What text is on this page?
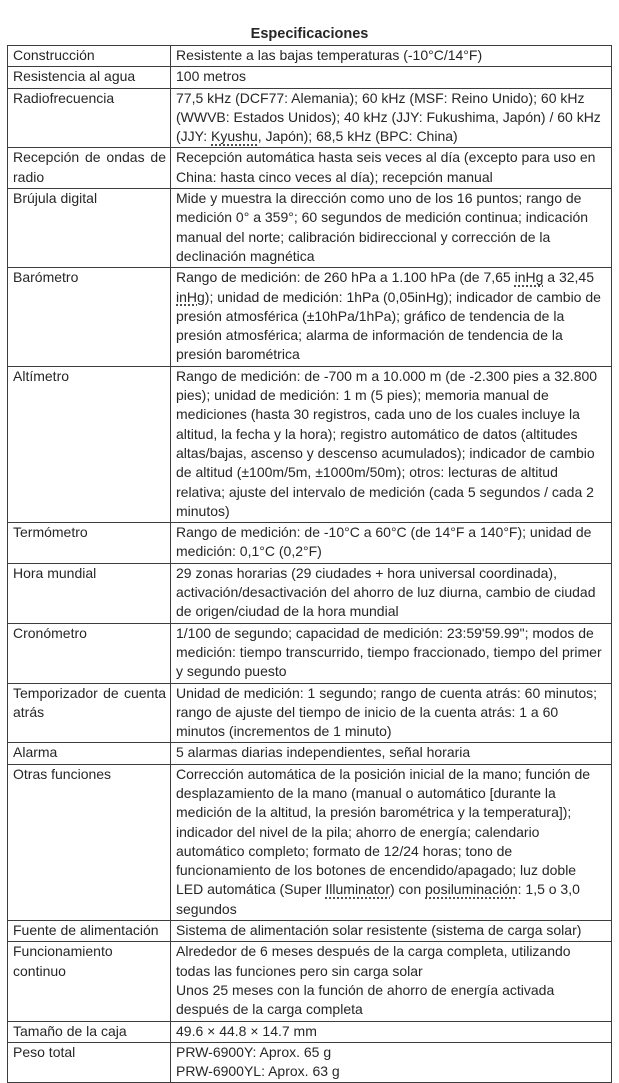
Especificaciones
Construcción	Resistente a las bajas temperaturas (-10°C/14°F)

Resistencia al agua	100 metros

Radiofrecuencia	77,5 kHz (DCF77: Alemania); 60 kHz (MSF: Reino Unido); 60 kHz (WWVB: Estados Unidos); 40 kHz (JJY: Fukushima, Japón) / 60 kHz (JJY: Kyushu, Japón); 68,5 kHz (BPC: China)

Recepción de ondas de radio	Recepción automática hasta seis veces al día (excepto para uso en China: hasta cinco veces al día); recepción manual

Brújula digital	Mide y muestra la dirección como uno de los 16 puntos; rango de medición 0° a 359°; 60 segundos de medición continua; indicación manual del norte; calibración bidireccional y corrección de la declinación magnética

Barómetro	Rango de medición: de 260 hPa a 1.100 hPa (de 7,65 inHg a 32,45 inHg); unidad de medición: 1hPa (0,05inHg); indicador de cambio de presión atmosférica (±10hPa/1hPa); gráfico de tendencia de la presión atmosférica; alarma de información de tendencia de la presión barométrica

Altímetro	Rango de medición: de -700 m a 10.000 m (de -2.300 pies a 32.800 pies); unidad de medición: 1 m (5 pies); memoria manual de mediciones (hasta 30 registros, cada uno de los cuales incluye la altitud, la fecha y la hora); registro automático de datos (altitudes altas/bajas, ascenso y descenso acumulados); indicador de cambio de altitud (±100m/5m, ±1000m/50m); otros: lecturas de altitud relativa; ajuste del intervalo de medición (cada 5 segundos / cada 2 minutos)

Termómetro	Rango de medición: de -10°C a 60°C (de 14°F a 140°F); unidad de medición: 0,1°C (0,2°F)

Hora mundial	29 zonas horarias (29 ciudades + hora universal coordinada), activación/desactivación del ahorro de luz diurna, cambio de ciudad de origen/ciudad de la hora mundial

Cronómetro	1/100 de segundo; capacidad de medición: 23:59'59.99"; modos de medición: tiempo transcurrido, tiempo fraccionado, tiempo del primer y segundo puesto

Temporizador de cuenta atrás	Unidad de medición: 1 segundo; rango de cuenta atrás: 60 minutos; rango de ajuste del tiempo de inicio de la cuenta atrás: 1 a 60 minutos (incrementos de 1 minuto)

Alarma	5 alarmas diarias independientes, señal horaria

Otras funciones	Corrección automática de la posición inicial de la mano; función de desplazamiento de la mano (manual o automático [durante la medición de la altitud, la presión barométrica y la temperatura]); indicador del nivel de la pila; ahorro de energía; calendario automático completo; formato de 12/24 horas; tono de funcionamiento de los botones de encendido/apagado; luz doble LED automática (Super Illuminator) con posiluminación: 1,5 o 3,0 segundos

Fuente de alimentación	Sistema de alimentación solar resistente (sistema de carga solar)

Funcionamiento continuo	Alrededor de 6 meses después de la carga completa, utilizando todas las funciones pero sin carga solar
Unos 25 meses con la función de ahorro de energía activada después de la carga completa

Tamaño de la caja	49.6 × 44.8 × 14.7 mm

Peso total	PRW-6900Y: Aprox. 65 g
PRW-6900YL: Aprox. 63 g
